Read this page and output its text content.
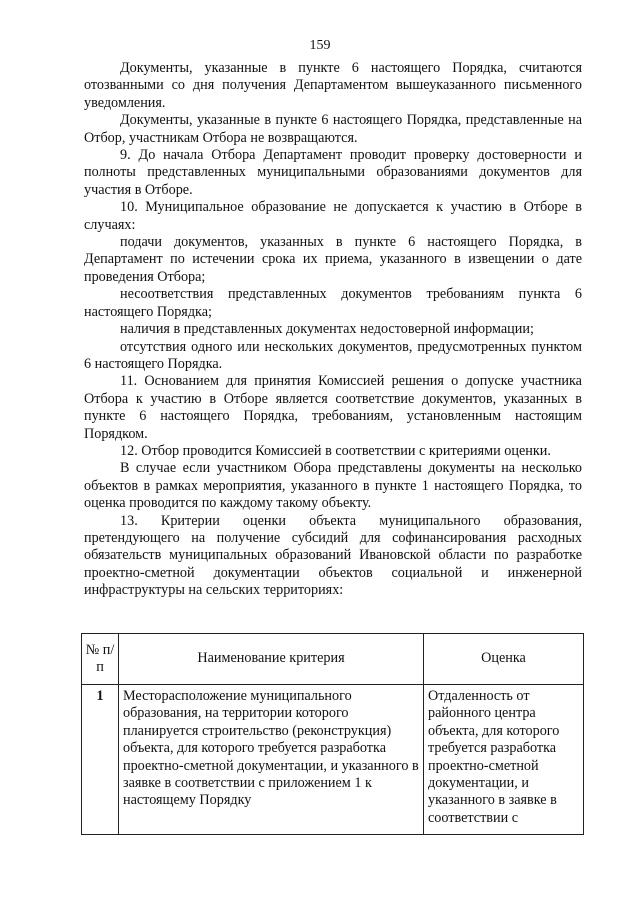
159

Документы, указанные в пункте 6 настоящего Порядка, считаются отозванными со дня получения Департаментом вышеуказанного письменного уведомления.

Документы, указанные в пункте 6 настоящего Порядка, представленные на Отбор, участникам Отбора не возвращаются.

9. До начала Отбора Департамент проводит проверку достоверности и полноты представленных муниципальными образованиями документов для участия в Отборе.

10. Муниципальное образование не допускается к участию в Отборе в случаях:

подачи документов, указанных в пункте 6 настоящего Порядка, в Департамент по истечении срока их приема, указанного в извещении о дате проведения Отбора;

несоответствия представленных документов требованиям пункта 6 настоящего Порядка;

наличия в представленных документах недостоверной информации;

отсутствия одного или нескольких документов, предусмотренных пунктом 6 настоящего Порядка.

11. Основанием для принятия Комиссией решения о допуске участника Отбора к участию в Отборе является соответствие документов, указанных в пункте 6 настоящего Порядка, требованиям, установленным настоящим Порядком.

12. Отбор проводится Комиссией в соответствии с критериями оценки.

В случае если участником Обора представлены документы на несколько объектов в рамках мероприятия, указанного в пункте 1 настоящего Порядка, то оценка проводится по каждому такому объекту.

13. Критерии оценки объекта муниципального образования, претендующего на получение субсидий для софинансирования расходных обязательств муниципальных образований Ивановской области по разработке проектно-сметной документации объектов социальной и инженерной инфраструктуры на сельских территориях:

№ п/п	Наименование критерия	Оценка
1	Месторасположение муниципального образования, на территории которого планируется строительство (реконструкция) объекта, для которого требуется разработка проектно-сметной документации, и указанного в заявке в соответствии с приложением 1 к настоящему Порядку	Отдаленность от районного центра объекта, для которого требуется разработка проектно-сметной документации, и указанного в заявке в соответствии с
